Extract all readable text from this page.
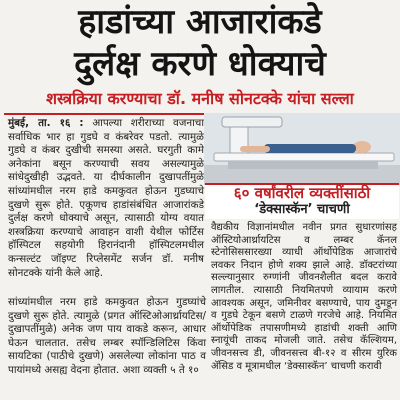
हाडांच्या आजारांकडे
दुर्लक्ष करणे धोक्याचे
शस्त्रक्रिया करण्याचा डॉ. मनीष सोनटक्के यांचा सल्ला

मुंबई, ता. १६ : आपल्या शरीराच्या वजनाचा सर्वाधिक भार हा गुडघे व कंबरेवर पडतो. त्यामुळे गुडघे व कंबर दुखीची समस्या असते. घरगुती कामे अनेकांना बसून करण्याची सवय असल्यामुळे सांधेदुखीही उद्भवते. या दीर्घकालीन दुखापतींमुळे सांध्यांमधील नरम हाडे कमकुवत होऊन गुडघ्याचे दुखणे सुरू होते. एकूणच हाडांसंबंधित आजारांकडे दुर्लक्ष करणे धोक्याचे असून, त्यासाठी योग्य वयात शस्त्रक्रिया करण्याचे आवाहन वाशी येथील फोर्टिस हॉस्पिटल सहयोगी हिरानंदानी हॉस्पिटलमधील कन्सल्टंट जॉइण्ट रिप्लेसमेंट सर्जन डॉ. मनीष सोनटक्के यांनी केले आहे.

६० वर्षांवरील व्यक्तींसाठी
‘डेक्सास्कॅन’ चाचणी
वैद्यकीय विज्ञानांमधील नवीन प्रगत सुधारणांसह ऑस्टियोआर्थ्रायटिस व लम्बर कॅनल स्टेनोसिससारख्या व्याधी ऑर्थोपेडिक आजारांचे लवकर निदान होणे शक्य झाले आहे. डॉक्टरांच्या सल्ल्यानुसार रुग्णांनी जीवनशैलीत बदल करावे लागतील. त्यासाठी नियमितपणे व्यायाम करणे आवश्यक असून, जमिनीवर बसण्याचे, पाय दुमडून व गुडघे टेकून बसणे टाळणे गरजेचे आहे. नियमित ऑर्थोपेडिक तपासणीमध्ये हाडांची शक्ती आणि स्नायूंची ताकद मोजली जाते. तसेच कॅल्शियम, जीवनसत्त्व डी, जीवनसत्त्व बी-१२ व सीरम युरिक ॲसिड व मूत्रामधील ‘डेक्सास्कॅन’ चाचणी करावी
सांध्यांमधील नरम हाडे कमकुवत होऊन गुडघ्यांचे दुखणे सुरू होते. त्यामुळे (प्रगत ऑस्टिओआर्थ्रायटिस/दुखापतींमुळे) अनेक जण पाय वाकडे करून, आधार घेऊन चालतात. तसेच लम्बर स्पॉन्डिलिटिस किंवा सायटिका (पाठीचे दुखणे) असलेल्या लोकांना पाठ व पायांमध्ये असह्य वेदना होतात. अशा व्यक्ती ५ ते १०
